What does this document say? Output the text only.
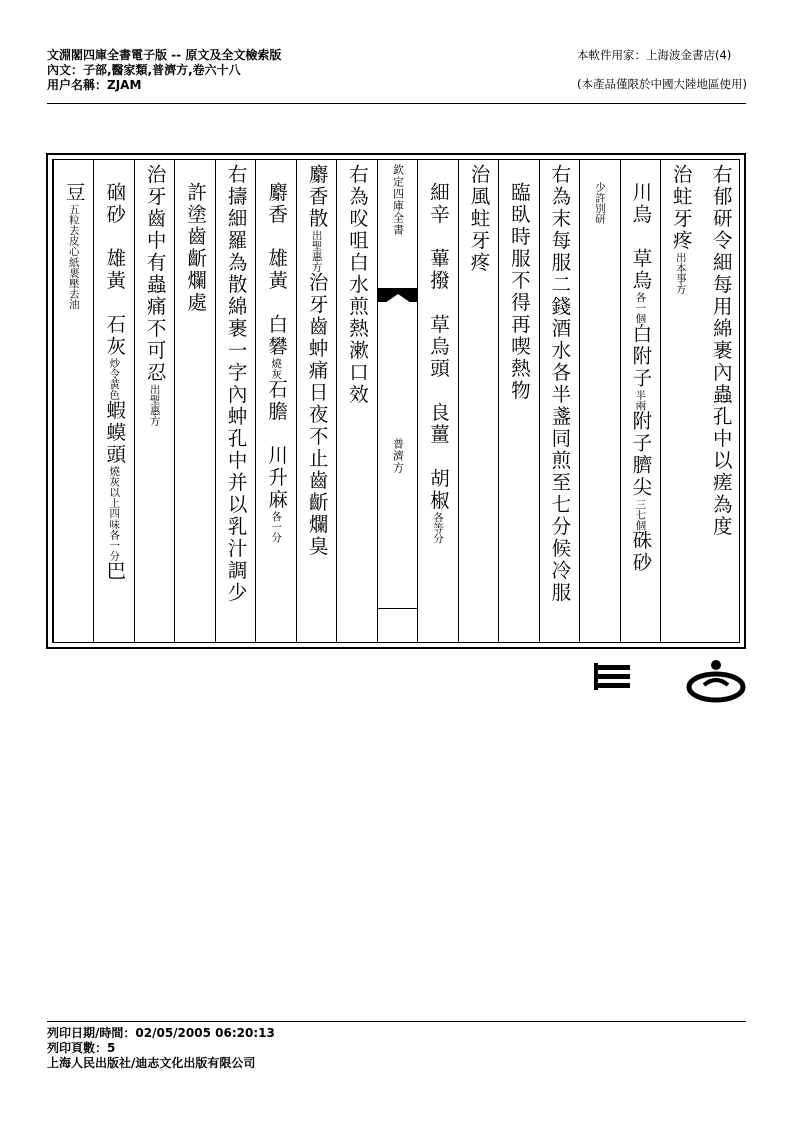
文淵閣四庫全書電子版 -- 原文及全文檢索版
內文：子部,醫家類,普濟方,卷六十八
用户名稱：ZJAM
本軟件用家：上海波金書店(4)
(本產品僅限於中國大陸地區使用)
右郁研令細每用綿裹內蟲孔中以瘥為度
治蛀牙疼出本事方
川烏　草烏各一個白附子半兩附子臍尖三七個硃砂
少許別研
右為末每服二錢酒水各半盞同煎至七分候冷服
臨臥時服不得再喫熱物
治風蛀牙疼
細辛　蓽撥　草烏頭　良薑　胡椒各等分
欽定四庫全書
普濟方
右為㕮咀白水煎熱漱口效
麝香散出聖惠方治牙齒蚛痛日夜不止齒齗爛臭
麝香　雄黃　白礬燒灰石膽　川升麻各一分
右擣細羅為散綿裹一字內蚛孔中并以乳汁調少
許塗齒齗爛處
治牙齒中有蟲痛不可忍出聖惠方
硇砂　雄黃　石灰炒令黃色蝦蟆頭燒灰以上四味各一分巴
豆五粒去皮心紙裹壓去油
列印日期/時間：02/05/2005 06:20:13
列印頁數：5
上海人民出版社/迪志文化出版有限公司
